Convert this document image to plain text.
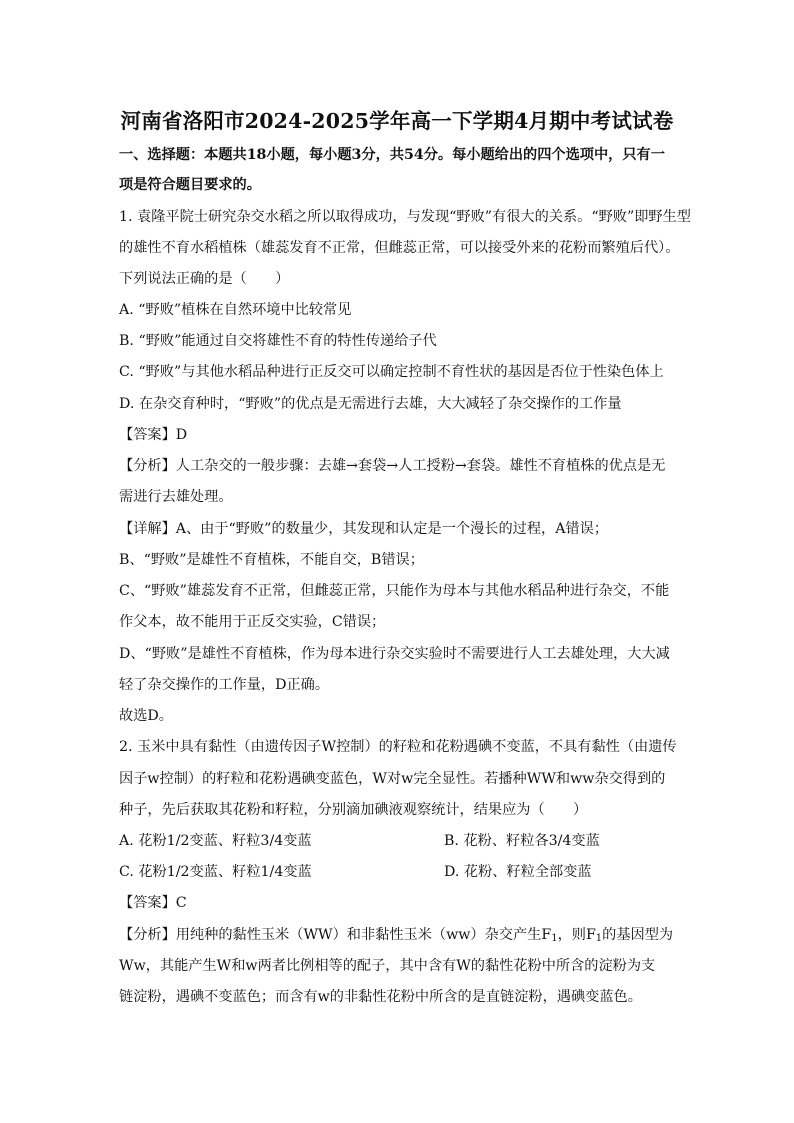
河南省洛阳市2024-2025学年高一下学期4月期中考试试卷
一、选择题：本题共18小题，每小题3分，共54分。每小题给出的四个选项中，只有一
项是符合题目要求的。
1. 袁隆平院士研究杂交水稻之所以取得成功，与发现“野败”有很大的关系。“野败”即野生型
的雄性不育水稻植株（雄蕊发育不正常，但雌蕊正常，可以接受外来的花粉而繁殖后代）。
下列说法正确的是（　　）
A. “野败”植株在自然环境中比较常见
B. “野败”能通过自交将雄性不育的特性传递给子代
C. “野败”与其他水稻品种进行正反交可以确定控制不育性状的基因是否位于性染色体上
D. 在杂交育种时，“野败”的优点是无需进行去雄，大大减轻了杂交操作的工作量
【答案】D
【分析】人工杂交的一般步骤：去雄→套袋→人工授粉→套袋。雄性不育植株的优点是无
需进行去雄处理。
【详解】A、由于“野败”的数量少，其发现和认定是一个漫长的过程，A错误；
B、“野败”是雄性不育植株，不能自交，B错误；
C、“野败”雄蕊发育不正常，但雌蕊正常，只能作为母本与其他水稻品种进行杂交，不能
作父本，故不能用于正反交实验，C错误；
D、“野败”是雄性不育植株，作为母本进行杂交实验时不需要进行人工去雄处理，大大减
轻了杂交操作的工作量，D正确。
故选D。
2. 玉米中具有黏性（由遗传因子W控制）的籽粒和花粉遇碘不变蓝，不具有黏性（由遗传
因子w控制）的籽粒和花粉遇碘变蓝色，W对w完全显性。若播种WW和ww杂交得到的
种子，先后获取其花粉和籽粒，分别滴加碘液观察统计，结果应为（　　）
A. 花粉1/2变蓝、籽粒3/4变蓝	B. 花粉、籽粒各3/4变蓝
C. 花粉1/2变蓝、籽粒1/4变蓝	D. 花粉、籽粒全部变蓝
【答案】C
【分析】用纯种的黏性玉米（WW）和非黏性玉米（ww）杂交产生$F_1$，则$F_1$的基因型为
Ww，其能产生W和w两者比例相等的配子，其中含有W的黏性花粉中所含的淀粉为支
链淀粉，遇碘不变蓝色；而含有w的非黏性花粉中所含的是直链淀粉，遇碘变蓝色。
